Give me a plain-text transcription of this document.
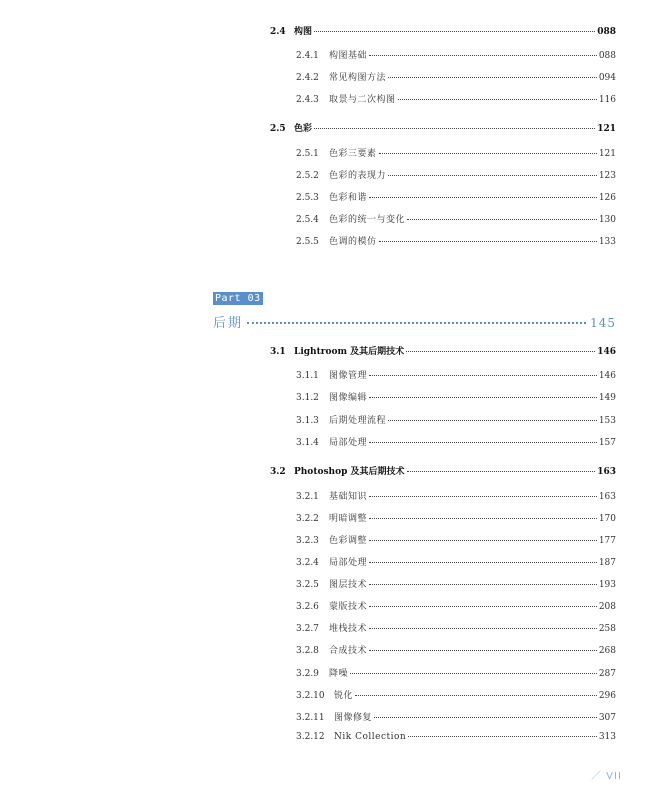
2.4 构图	088
2.4.1	构图基础	088
2.4.2	常见构图方法	094
2.4.3	取景与二次构图	116
2.5 色彩	121
2.5.1	色彩三要素	121
2.5.2	色彩的表现力	123
2.5.3	色彩和谐	126
2.5.4	色彩的统一与变化	130
2.5.5	色调的模仿	133
3.1 Lightroom 及其后期技术	146
3.1.1	图像管理	146
3.1.2	图像编辑	149
3.1.3	后期处理流程	153
3.1.4	局部处理	157
3.2 Photoshop 及其后期技术	163
3.2.1	基础知识	163
3.2.2	明暗调整	170
3.2.3	色彩调整	177
3.2.4	局部处理	187
3.2.5	图层技术	193
3.2.6	蒙版技术	208
3.2.7	堆栈技术	258
3.2.8	合成技术	268
3.2.9	降噪	287
3.2.10	锐化	296
3.2.11	图像修复	307
3.2.12	Nik Collection	313
Part 03
后期	145
／ VII
